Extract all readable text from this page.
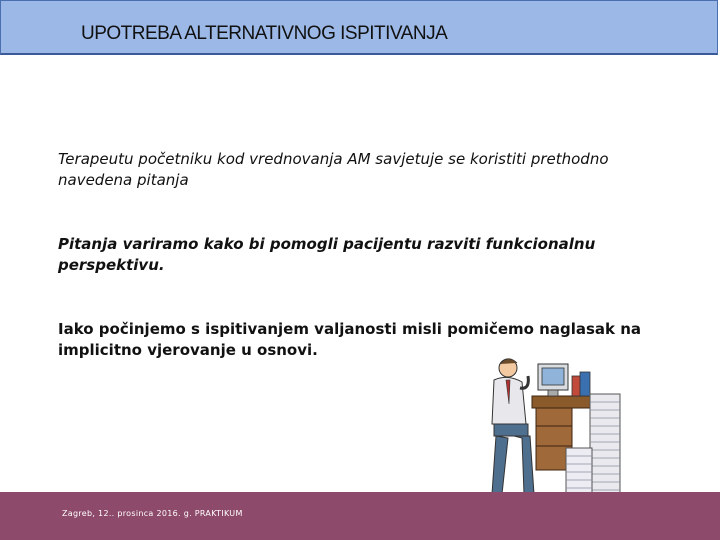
UPOTREBA ALTERNATIVNOG ISPITIVANJA
Terapeutu početniku kod vrednovanja AM savjetuje se koristiti prethodno navedena pitanja
Pitanja variramo kako bi pomogli pacijentu razviti funkcionalnu perspektivu.
Iako počinjemo s ispitivanjem valjanosti misli pomičemo naglasak na implicitno vjerovanje u osnovi.
Zagreb, 12.. prosinca 2016. g. PRAKTIKUM
